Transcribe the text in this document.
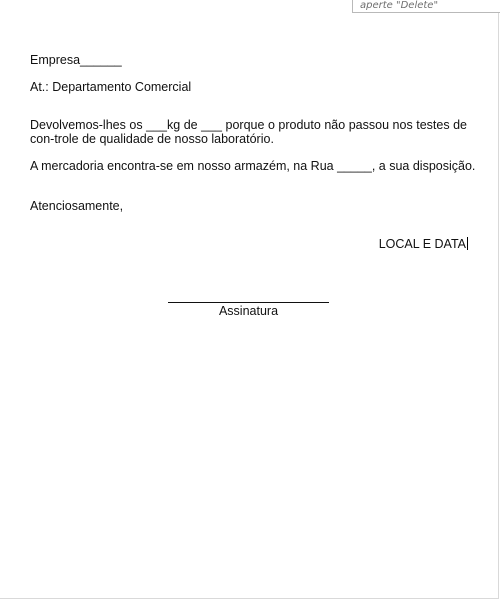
aperte "Delete"
Empresa______
At.: Departamento Comercial
Devolvemos-lhes os ___kg de ___ porque o produto não passou nos testes de con-trole de qualidade de nosso laboratório.
A mercadoria encontra-se em nosso armazém, na Rua _____, a sua disposição.
Atenciosamente,
LOCAL E DATA
Assinatura
